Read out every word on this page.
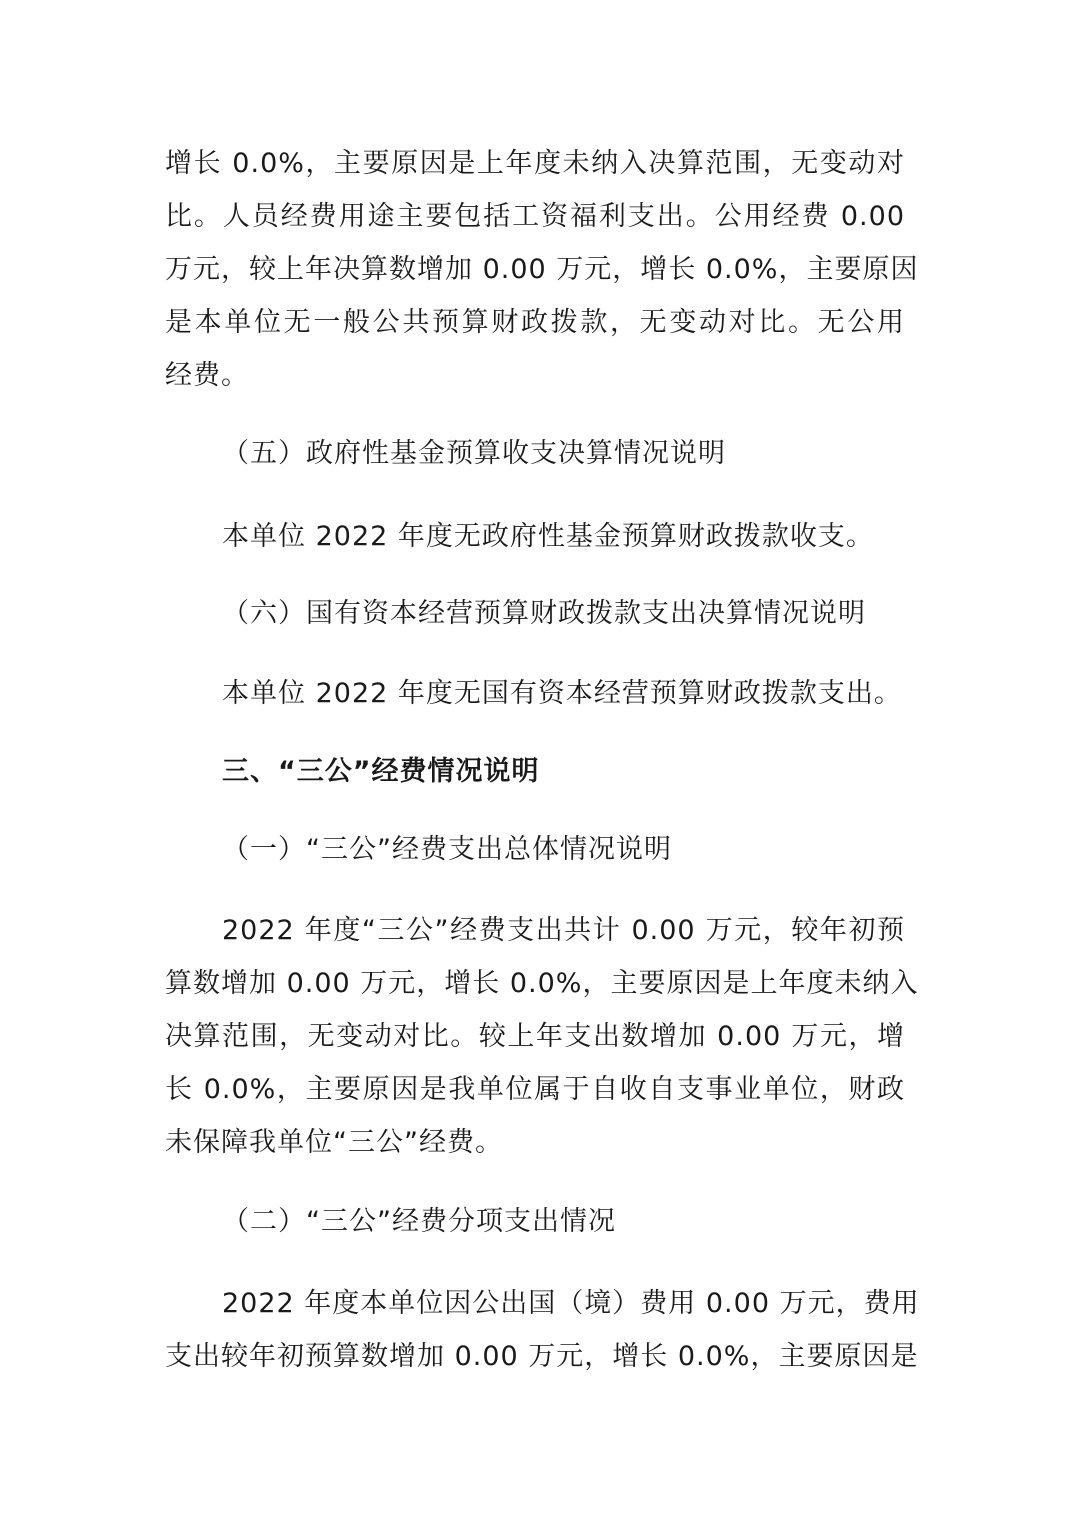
增长 0.0%，主要原因是上年度未纳入决算范围，无变动对
比。人员经费用途主要包括工资福利支出。公用经费 0.00
万元，较上年决算数增加 0.00 万元，增长 0.0%，主要原因
是本单位无一般公共预算财政拨款，无变动对比。无公用
经费。
（五）政府性基金预算收支决算情况说明
本单位 2022 年度无政府性基金预算财政拨款收支。
（六）国有资本经营预算财政拨款支出决算情况说明
本单位 2022 年度无国有资本经营预算财政拨款支出。
三、“三公”经费情况说明
（一）“三公”经费支出总体情况说明
2022 年度“三公”经费支出共计 0.00 万元，较年初预
算数增加 0.00 万元，增长 0.0%，主要原因是上年度未纳入
决算范围，无变动对比。较上年支出数增加 0.00 万元，增
长 0.0%，主要原因是我单位属于自收自支事业单位，财政
未保障我单位“三公”经费。
（二）“三公”经费分项支出情况
2022 年度本单位因公出国（境）费用 0.00 万元，费用
支出较年初预算数增加 0.00 万元，增长 0.0%，主要原因是
